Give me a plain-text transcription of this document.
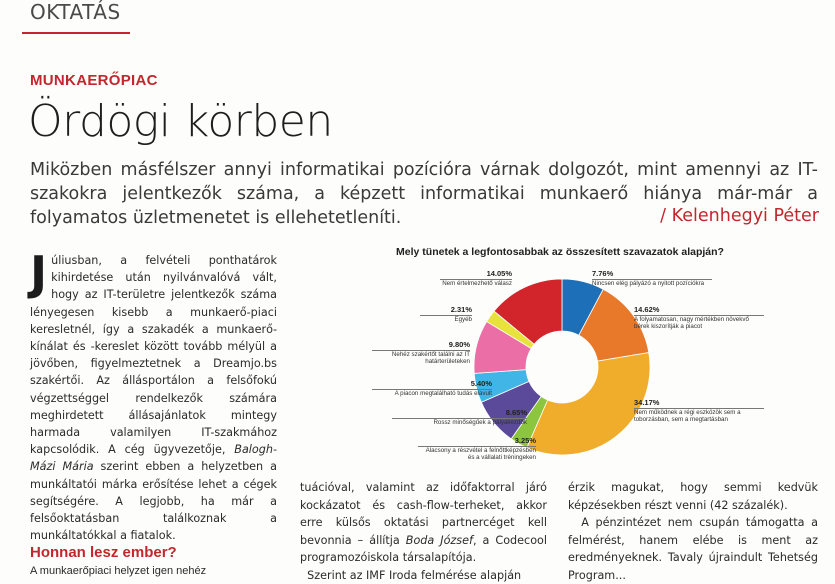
OKTATÁS
MUNKAERŐPIAC
Ördögi körben
Miközben másfélszer annyi informatikai pozícióra várnak dolgozót, mint amennyi az IT-szakokra jelentkezők száma, a képzett informatikai munkaerő hiánya már-már a folyamatos üzletmenetet is ellehetetleníti.	/ Kelenhegyi Péter
Júliusban, a felvételi ponthatárok kihirdetése után nyilvánvalóvá vált, hogy az IT-területre jelentkezők száma lényegesen kisebb a munkaerő-piaci keresletnél, így a szakadék a munkaerő-kínálat és -kereslet között tovább mélyül a jövőben, figyelmeztetnek a Dreamjo.bs szakértői. Az állásportálon a felsőfokú végzettséggel rendelkezők számára meghirdetett állásajánlatok mintegy harmada valamilyen IT-szakmához kapcsolódik. A cég ügyvezetője, Balogh-Mázi Mária szerint ebben a helyzetben a munkáltatói márka erősítése lehet a cégek segítségére. A legjobb, ha már a felsőoktatásban találkoznak a munkáltatókkal a fiatalok.
Honnan lesz ember?
A munkaerőpiaci helyzet igen nehéz
Mely tünetek a legfontosabbak az összesített szavazatok alapján?
7.76%
Nincsen elég pályázó a nyitott pozíciókra
14.62%
A folyamatosan, nagy mértékben növekvő bérek kiszorítják a piacot
34.17%
Nem működnek a régi eszközök sem a toborzásban, sem a megtartásban
3.25%
Alacsony a részvétel a felnőttképzésben és a vállalati tréningeken
8.65%
Rossz minőségűek a pályakezdők
5.40%
A piacon megtalálható tudás elavult
9.80%
Nehéz szakértőt találni az IT határterületeken
2.31%
Egyéb
14.05%
Nem értelmezhető válasz
tuációval, valamint az időfaktorral járó kockázatot és cash-flow-terheket, akkor erre külsős oktatási partnercéget kell bevonnia – állítja Boda József, a Codecool programozóiskola társalapítója.
Szerint az IMF Iroda felmérése alapján
érzik magukat, hogy semmi kedvük képzésekben részt venni (42 százalék).
A pénzintézet nem csupán támogatta a felmérést, hanem elébe is ment az eredményeknek. Tavaly újraindult Tehetség Program...
